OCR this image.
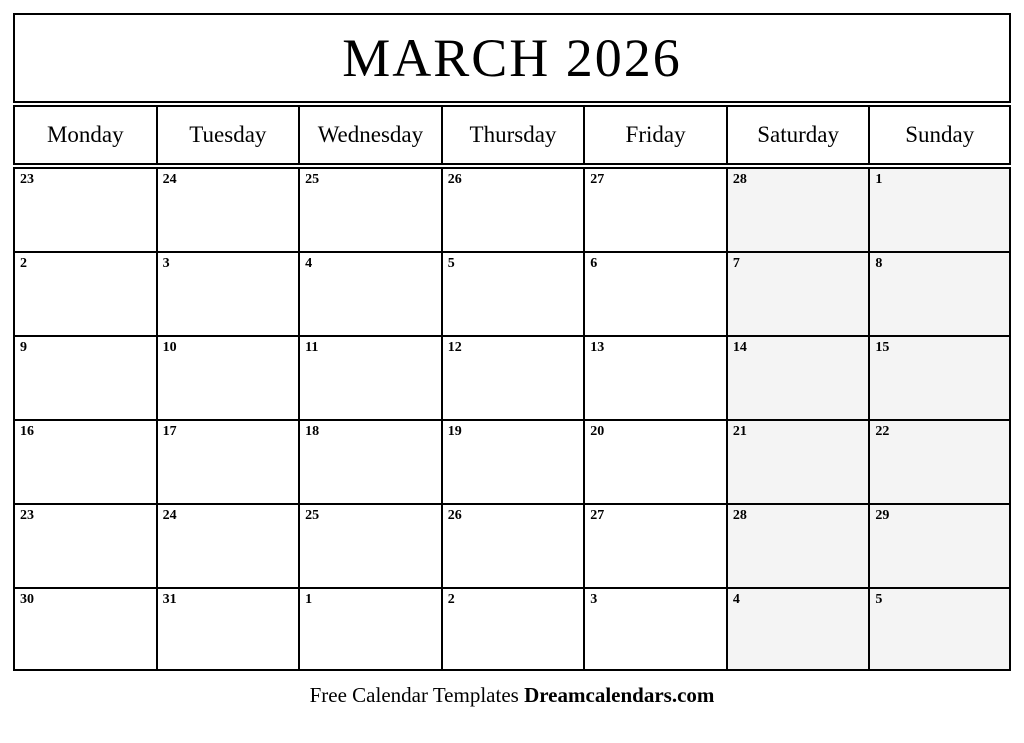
MARCH 2026
Monday	Tuesday	Wednesday	Thursday	Friday	Saturday	Sunday
23	24	25	26	27	28	1
2	3	4	5	6	7	8
9	10	11	12	13	14	15
16	17	18	19	20	21	22
23	24	25	26	27	28	29
30	31	1	2	3	4	5
Free Calendar Templates Dreamcalendars.com
